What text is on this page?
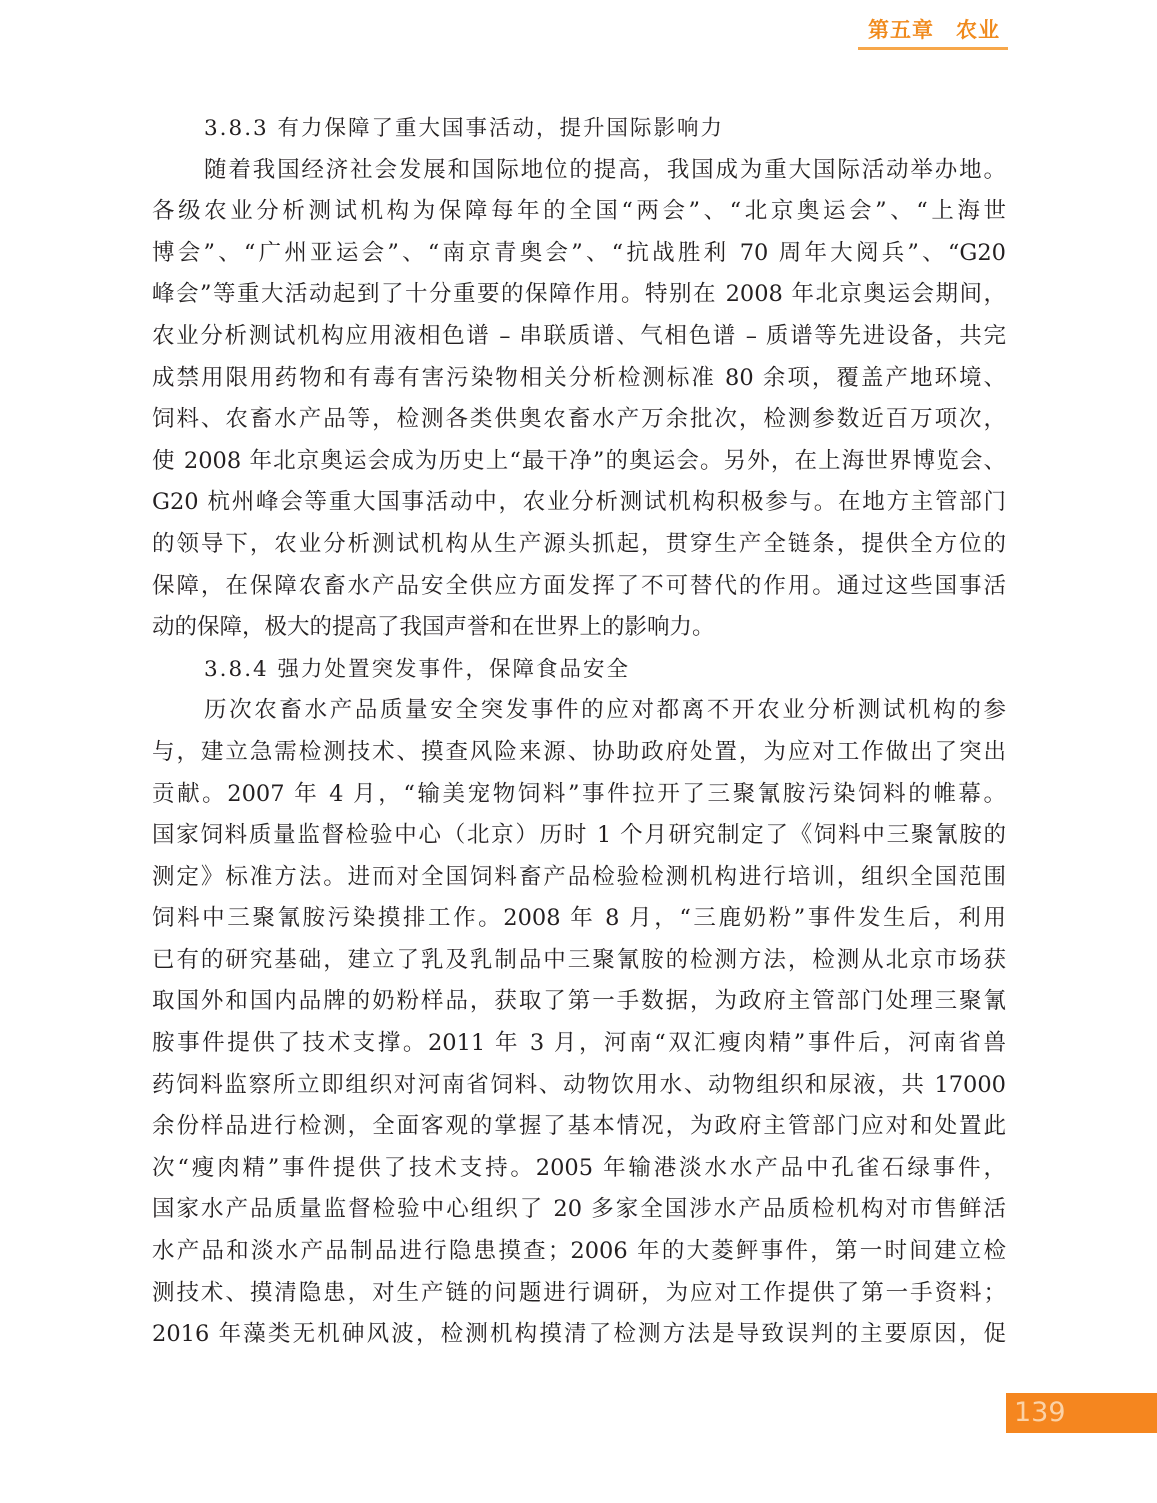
第五章 农业
3.8.3 有力保障了重大国事活动，提升国际影响力
随着我国经济社会发展和国际地位的提高，我国成为重大国际活动举办地。
各级农业分析测试机构为保障每年的全国“两会”、“北京奥运会”、“上海世
博会”、“广州亚运会”、“南京青奥会”、“抗战胜利 70 周年大阅兵”、“G20
峰会”等重大活动起到了十分重要的保障作用。特别在 2008 年北京奥运会期间，
农业分析测试机构应用液相色谱 – 串联质谱、气相色谱 – 质谱等先进设备，共完
成禁用限用药物和有毒有害污染物相关分析检测标准 80 余项，覆盖产地环境、
饲料、农畜水产品等，检测各类供奥农畜水产万余批次，检测参数近百万项次，
使 2008 年北京奥运会成为历史上“最干净”的奥运会。另外，在上海世界博览会、
G20 杭州峰会等重大国事活动中，农业分析测试机构积极参与。在地方主管部门
的领导下，农业分析测试机构从生产源头抓起，贯穿生产全链条，提供全方位的
保障，在保障农畜水产品安全供应方面发挥了不可替代的作用。通过这些国事活
动的保障，极大的提高了我国声誉和在世界上的影响力。
3.8.4 强力处置突发事件，保障食品安全
历次农畜水产品质量安全突发事件的应对都离不开农业分析测试机构的参
与，建立急需检测技术、摸查风险来源、协助政府处置，为应对工作做出了突出
贡献。2007 年 4 月，“输美宠物饲料”事件拉开了三聚氰胺污染饲料的帷幕。
国家饲料质量监督检验中心（北京）历时 1 个月研究制定了《饲料中三聚氰胺的
测定》标准方法。进而对全国饲料畜产品检验检测机构进行培训，组织全国范围
饲料中三聚氰胺污染摸排工作。2008 年 8 月，“三鹿奶粉”事件发生后，利用
已有的研究基础，建立了乳及乳制品中三聚氰胺的检测方法，检测从北京市场获
取国外和国内品牌的奶粉样品，获取了第一手数据，为政府主管部门处理三聚氰
胺事件提供了技术支撑。2011 年 3 月，河南“双汇瘦肉精”事件后，河南省兽
药饲料监察所立即组织对河南省饲料、动物饮用水、动物组织和尿液，共 17000
余份样品进行检测，全面客观的掌握了基本情况，为政府主管部门应对和处置此
次“瘦肉精”事件提供了技术支持。2005 年输港淡水水产品中孔雀石绿事件，
国家水产品质量监督检验中心组织了 20 多家全国涉水产品质检机构对市售鲜活
水产品和淡水产品制品进行隐患摸查；2006 年的大菱鲆事件，第一时间建立检
测技术、摸清隐患，对生产链的问题进行调研，为应对工作提供了第一手资料；
2016 年藻类无机砷风波，检测机构摸清了检测方法是导致误判的主要原因，促
139
